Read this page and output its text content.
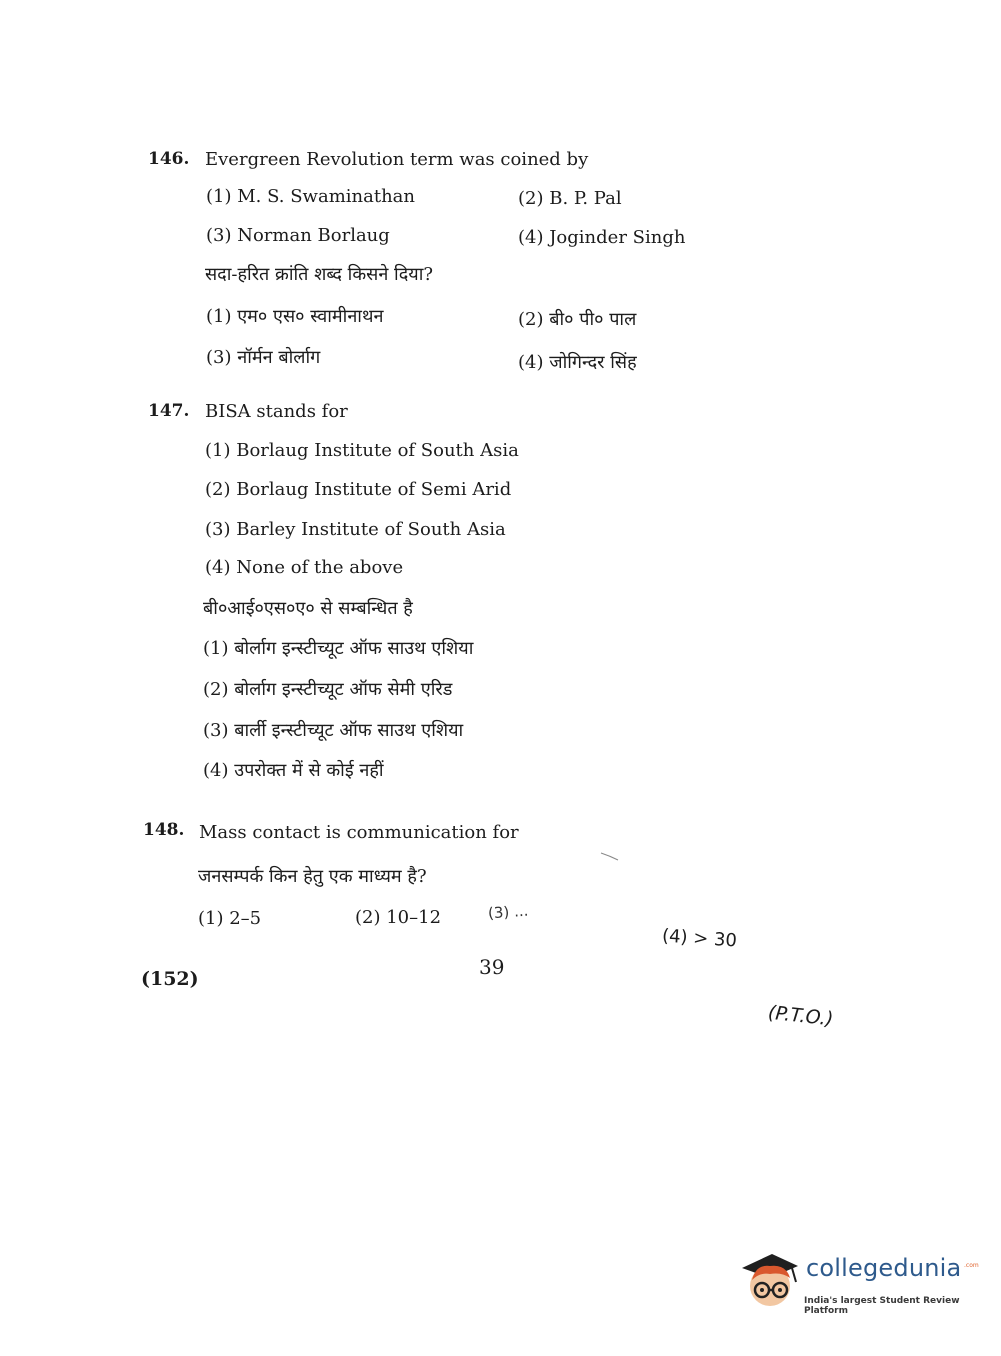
146. Evergreen Revolution term was coined by
(1) M. S. Swaminathan	(2) B. P. Pal
(3) Norman Borlaug	(4) Joginder Singh
सदा-हरित क्रांति शब्द किसने दिया?
(1) एम० एस० स्वामीनाथन	(2) बी० पी० पाल
(3) नॉर्मन बोर्लाग	(4) जोगिन्दर सिंह
147. BISA stands for
(1) Borlaug Institute of South Asia
(2) Borlaug Institute of Semi Arid
(3) Barley Institute of South Asia
(4) None of the above
बी०आई०एस०ए० से सम्बन्धित है
(1) बोर्लाग इन्स्टीच्यूट ऑफ साउथ एशिया
(2) बोर्लाग इन्स्टीच्यूट ऑफ सेमी एरिड
(3) बार्ली इन्स्टीच्यूट ऑफ साउथ एशिया
(4) उपरोक्त में से कोई नहीं
148. Mass contact is communication for
जनसम्पर्क किन हेतु एक माध्यम है?
(1) 2–5	(2) 10–12	(3) ...
(4) > 30
39
(152)
(P.T.O.)
collegedunia .com
India's largest Student Review Platform
